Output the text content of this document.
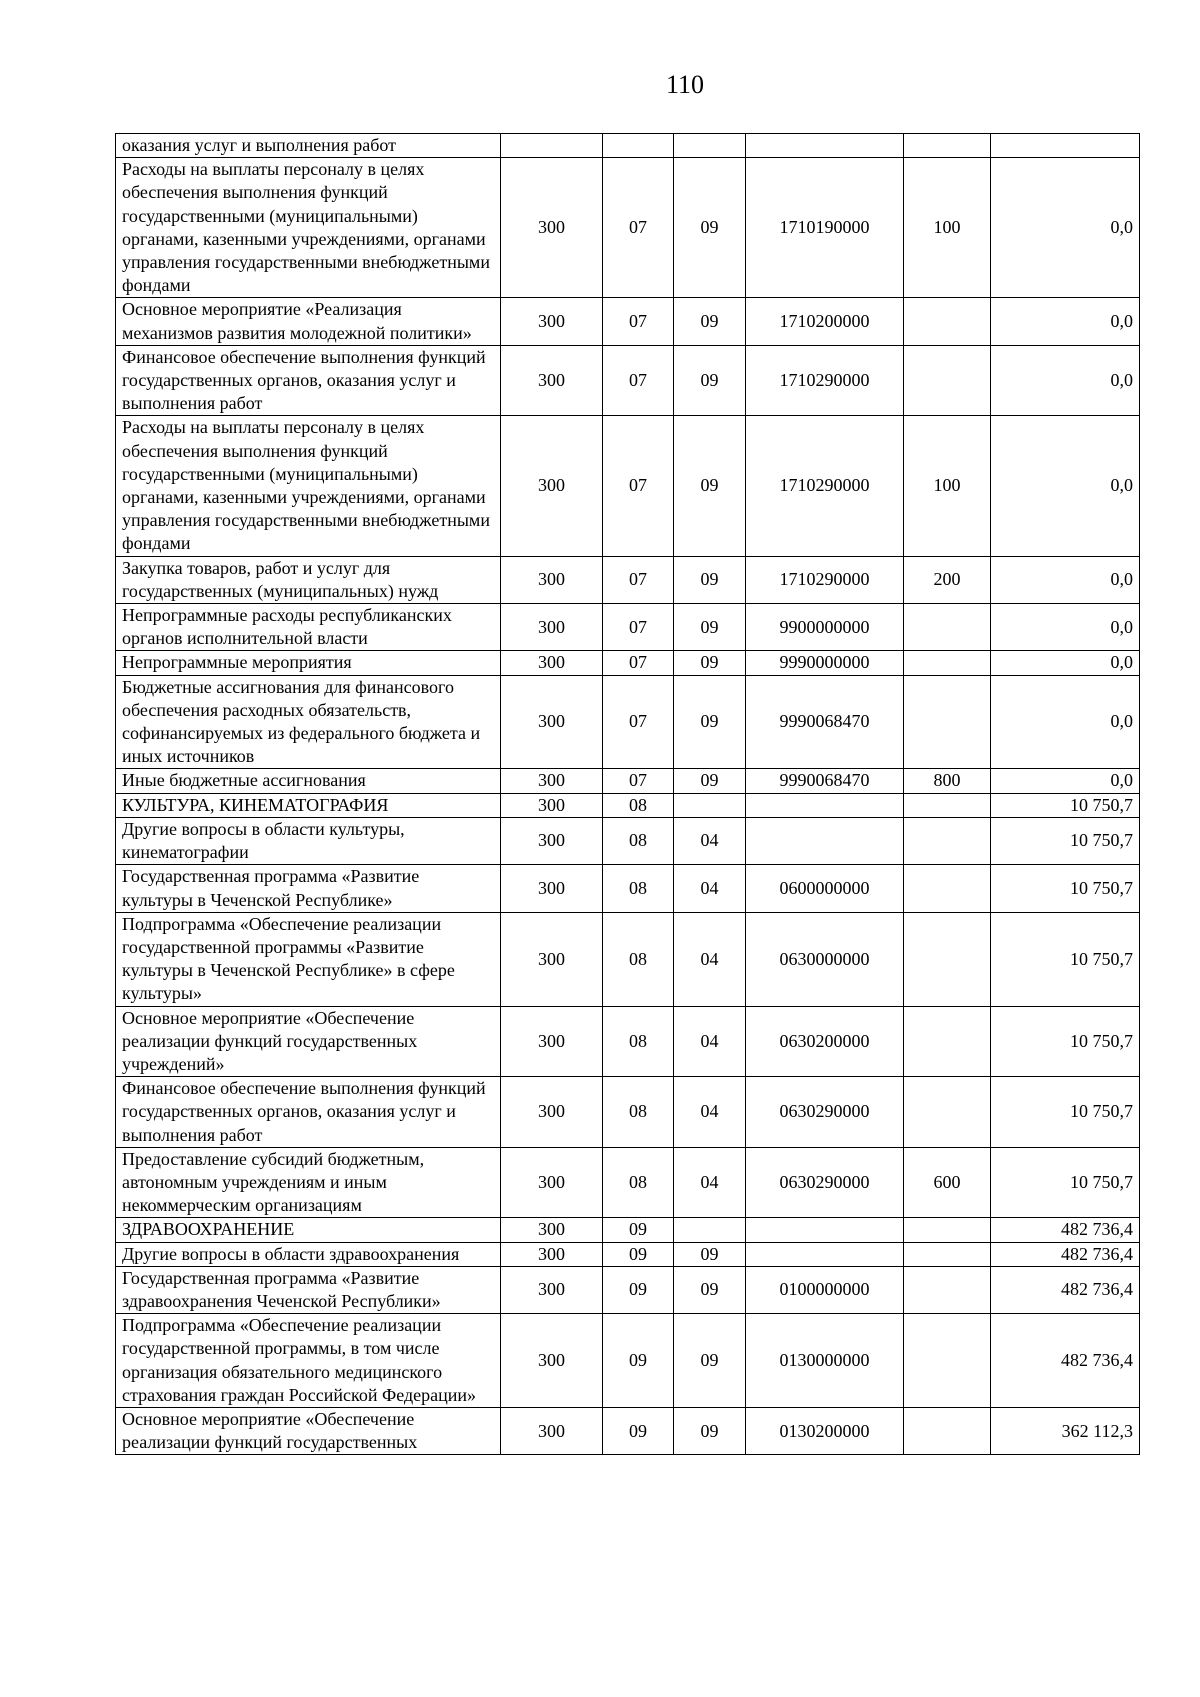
110
оказания услуг и выполнения работ						
Расходы на выплаты персоналу в целях обеспечения выполнения функций государственными (муниципальными) органами, казенными учреждениями, органами управления государственными внебюджетными фондами	300	07	09	1710190000	100	0,0
Основное мероприятие «Реализация механизмов развития молодежной политики»	300	07	09	1710200000		0,0
Финансовое обеспечение выполнения функций государственных органов, оказания услуг и выполнения работ	300	07	09	1710290000		0,0
Расходы на выплаты персоналу в целях обеспечения выполнения функций государственными (муниципальными) органами, казенными учреждениями, органами управления государственными внебюджетными фондами	300	07	09	1710290000	100	0,0
Закупка товаров, работ и услуг для государственных (муниципальных) нужд	300	07	09	1710290000	200	0,0
Непрограммные расходы республиканских органов исполнительной власти	300	07	09	9900000000		0,0
Непрограммные мероприятия	300	07	09	9990000000		0,0
Бюджетные ассигнования для финансового обеспечения расходных обязательств, софинансируемых из федерального бюджета и иных источников	300	07	09	9990068470		0,0
Иные бюджетные ассигнования	300	07	09	9990068470	800	0,0
КУЛЬТУРА, КИНЕМАТОГРАФИЯ	300	08				10 750,7
Другие вопросы в области культуры, кинематографии	300	08	04			10 750,7
Государственная программа «Развитие культуры в Чеченской Республике»	300	08	04	0600000000		10 750,7
Подпрограмма «Обеспечение реализации государственной программы «Развитие культуры в Чеченской Республике» в сфере культуры»	300	08	04	0630000000		10 750,7
Основное мероприятие «Обеспечение реализации функций государственных учреждений»	300	08	04	0630200000		10 750,7
Финансовое обеспечение выполнения функций государственных органов, оказания услуг и выполнения работ	300	08	04	0630290000		10 750,7
Предоставление субсидий бюджетным, автономным учреждениям и иным некоммерческим организациям	300	08	04	0630290000	600	10 750,7
ЗДРАВООХРАНЕНИЕ	300	09				482 736,4
Другие вопросы в области здравоохранения	300	09	09			482 736,4
Государственная программа «Развитие здравоохранения Чеченской Республики»	300	09	09	0100000000		482 736,4
Подпрограмма «Обеспечение реализации государственной программы, в том числе организация обязательного медицинского страхования граждан Российской Федерации»	300	09	09	0130000000		482 736,4
Основное мероприятие «Обеспечение реализации функций государственных	300	09	09	0130200000		362 112,3
